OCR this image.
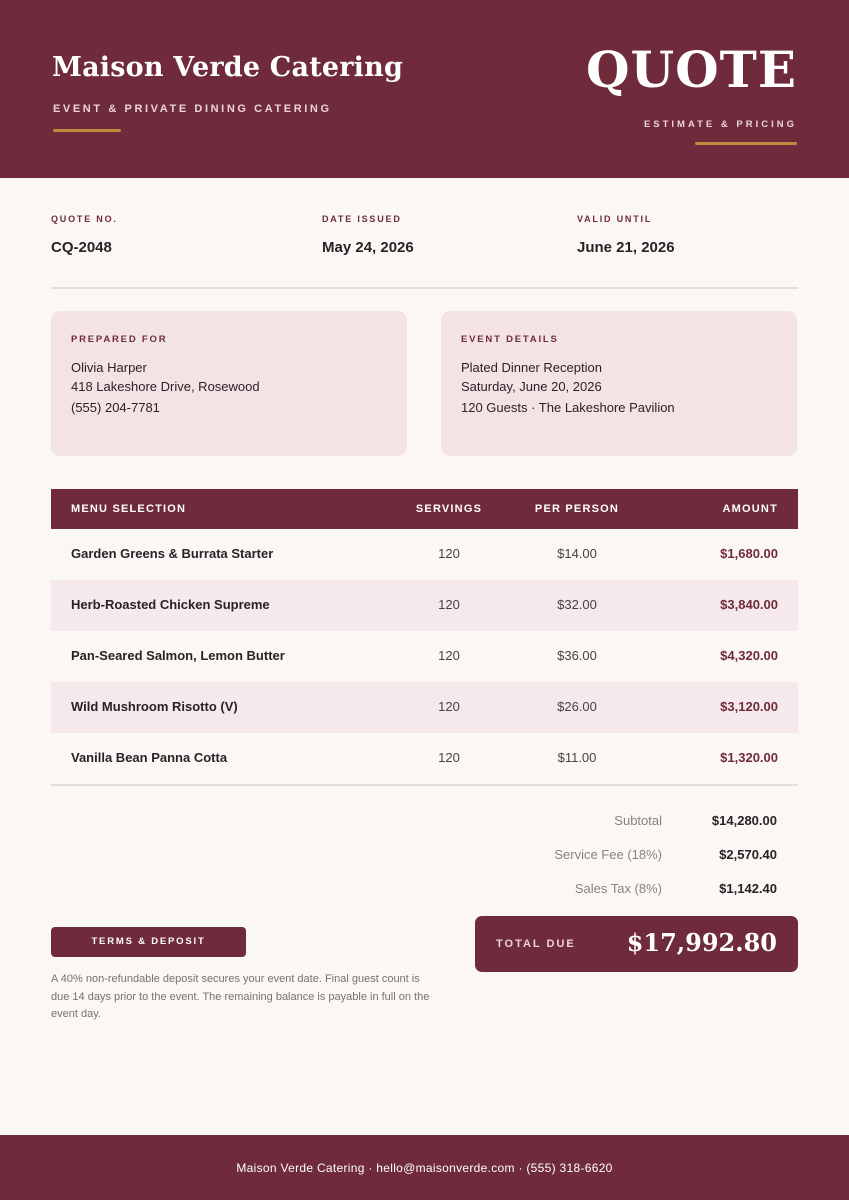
Maison Verde Catering
EVENT & PRIVATE DINING CATERING
QUOTE
ESTIMATE & PRICING
QUOTE NO.
CQ-2048
DATE ISSUED
May 24, 2026
VALID UNTIL
June 21, 2026
PREPARED FOR
Olivia Harper
418 Lakeshore Drive, Rosewood
(555) 204-7781
EVENT DETAILS
Plated Dinner Reception
Saturday, June 20, 2026
120 Guests · The Lakeshore Pavilion
MENU SELECTION	SERVINGS	PER PERSON	AMOUNT
Garden Greens & Burrata Starter	120	$14.00	$1,680.00
Herb-Roasted Chicken Supreme	120	$32.00	$3,840.00
Pan-Seared Salmon, Lemon Butter	120	$36.00	$4,320.00
Wild Mushroom Risotto (V)	120	$26.00	$3,120.00
Vanilla Bean Panna Cotta	120	$11.00	$1,320.00
Subtotal	$14,280.00
Service Fee (18%)	$2,570.40
Sales Tax (8%)	$1,142.40
TOTAL DUE $17,992.80
TERMS & DEPOSIT
A 40% non-refundable deposit secures your event date. Final guest count is due 14 days prior to the event. The remaining balance is payable in full on the event day.
Maison Verde Catering · hello@maisonverde.com · (555) 318-6620
